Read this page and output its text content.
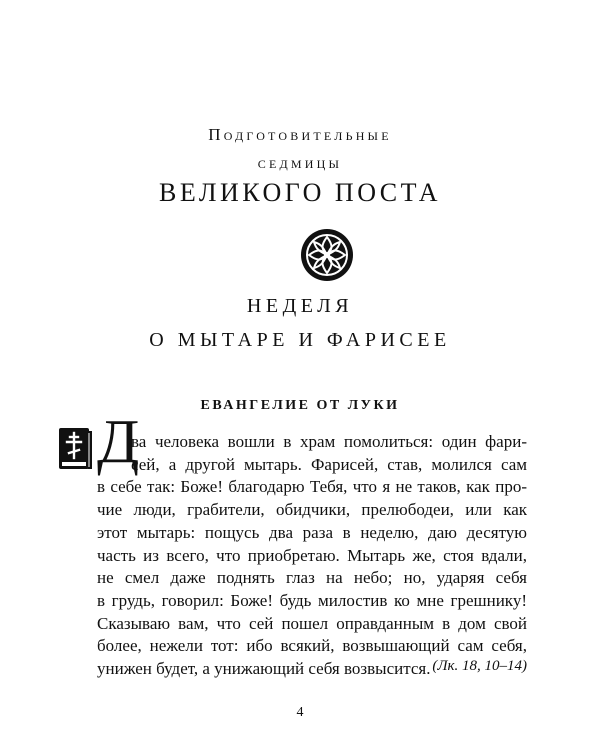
Подготовительные
седмицы
ВЕЛИКОГО ПОСТА
НЕДЕЛЯ
О МЫТАРЕ И ФАРИСЕЕ
ЕВАНГЕЛИЕ ОТ ЛУКИ
Д
ва человека вошли в храм помолиться: один фари-
сей, а другой мытарь. Фарисей, став, молился сам
в себе так: Боже! благодарю Тебя, что я не таков, как про-
чие люди, грабители, обидчики, прелюбодеи, или как
этот мытарь: пощусь два раза в неделю, даю десятую
часть из всего, что приобретаю. Мытарь же, стоя вдали,
не смел даже поднять глаз на небо; но, ударяя себя
в грудь, говорил: Боже! будь милостив ко мне грешнику!
Сказываю вам, что сей пошел оправданным в дом свой
более, нежели тот: ибо всякий, возвышающий сам себя,
унижен будет, а унижающий себя возвысится. (Лк. 18, 10–14)
4
